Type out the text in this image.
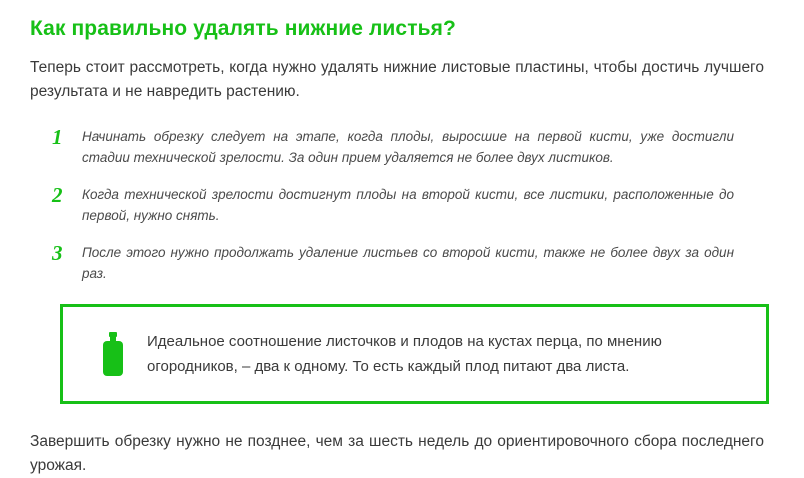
Как правильно удалять нижние листья?

Теперь стоит рассмотреть, когда нужно удалять нижние листовые пластины, чтобы достичь лучшего результата и не навредить растению.

1	Начинать обрезку следует на этапе, когда плоды, выросшие на первой кисти, уже достигли стадии технической зрелости. За один прием удаляется не более двух листиков.
2	Когда технической зрелости достигнут плоды на второй кисти, все листики, расположенные до первой, нужно снять.
3	После этого нужно продолжать удаление листьев со второй кисти, также не более двух за один раз.
Идеальное соотношение листочков и плодов на кустах перца, по мнению огородников, – два к одному. То есть каждый плод питают два листа.

Завершить обрезку нужно не позднее, чем за шесть недель до ориентировочного сбора последнего урожая.
